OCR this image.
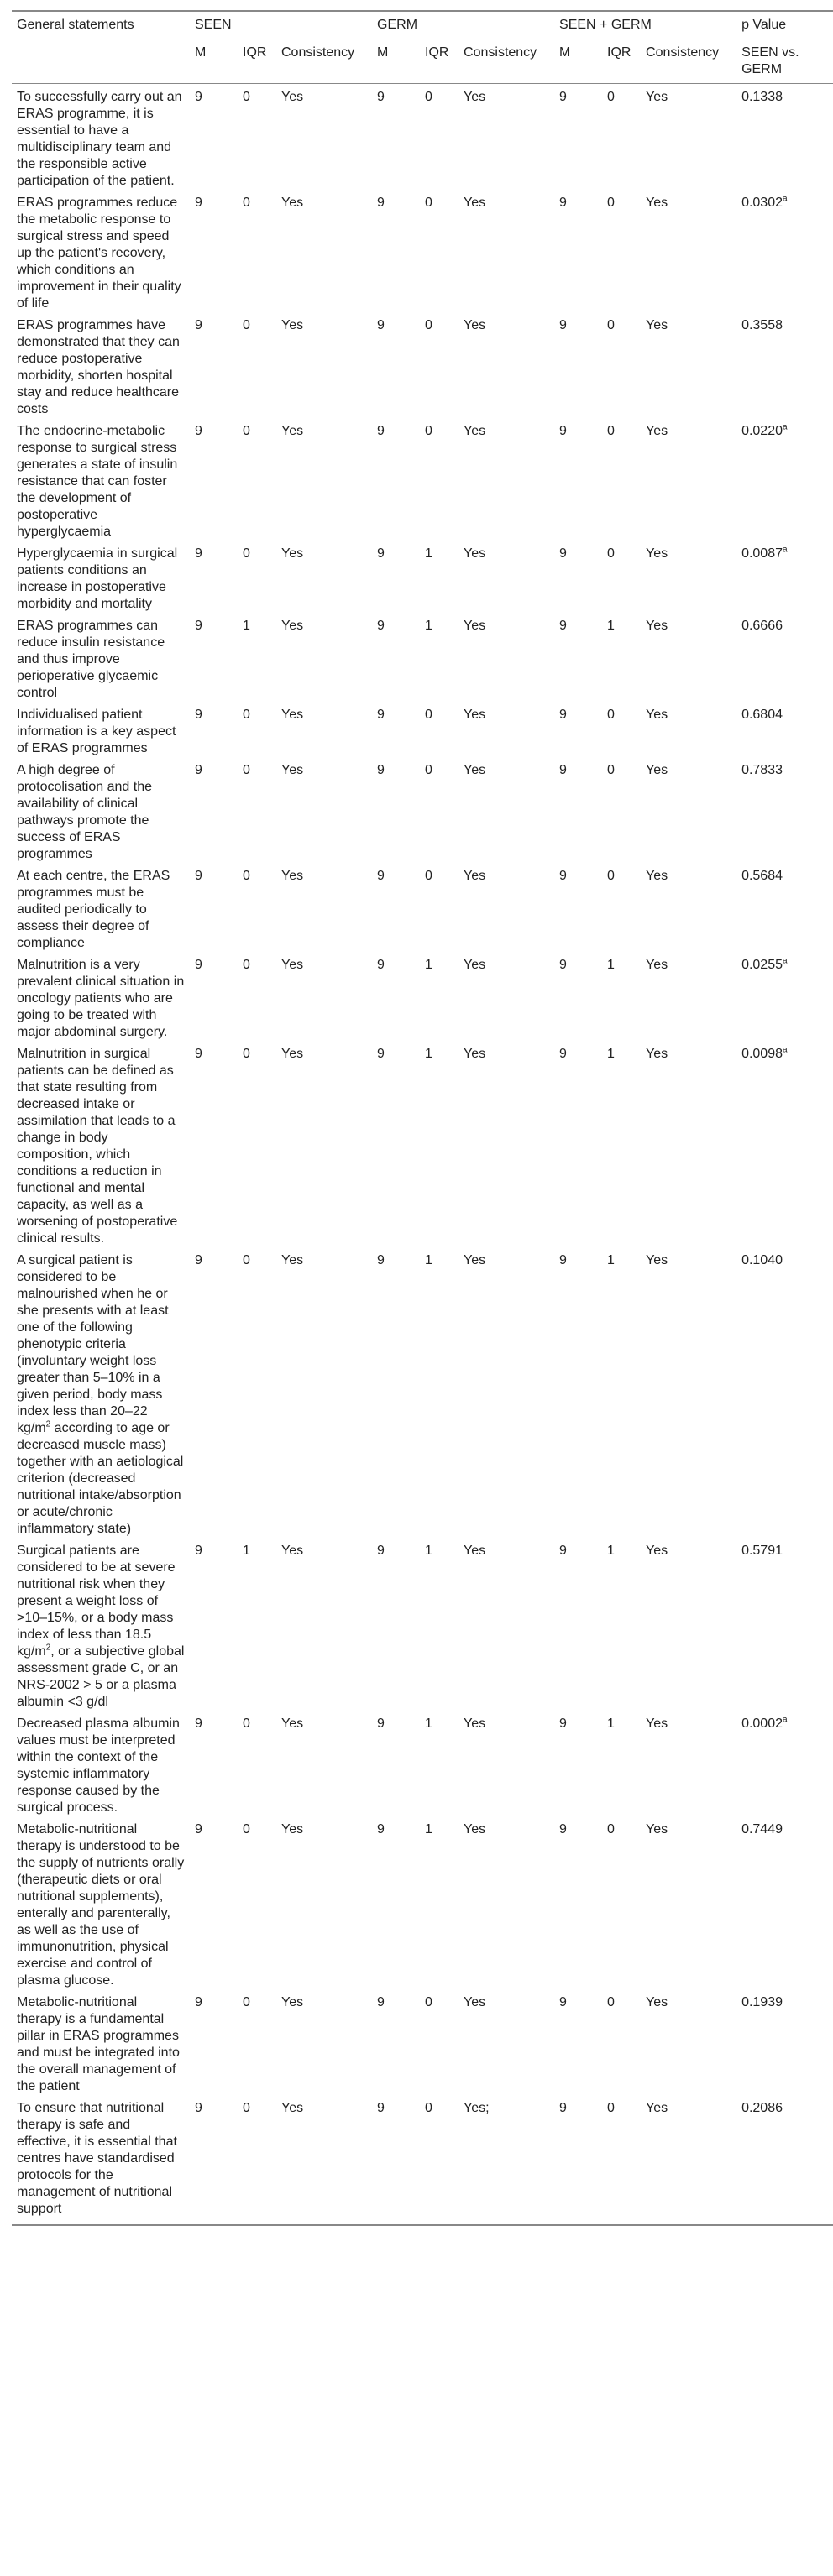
General statements	SEEN			GERM			SEEN + GERM			p Value
	M	IQR	Consistency	M	IQR	Consistency	M	IQR	Consistency	SEEN vs. GERM
To successfully carry out an ERAS programme, it is essential to have a multidisciplinary team and the responsible active participation of the patient.	9	0	Yes	9	0	Yes	9	0	Yes	0.1338
ERAS programmes reduce the metabolic response to surgical stress and speed up the patient's recovery, which conditions an improvement in their quality of life	9	0	Yes	9	0	Yes	9	0	Yes	0.0302$^a$
ERAS programmes have demonstrated that they can reduce postoperative morbidity, shorten hospital stay and reduce healthcare costs	9	0	Yes	9	0	Yes	9	0	Yes	0.3558
The endocrine-metabolic response to surgical stress generates a state of insulin resistance that can foster the development of postoperative hyperglycaemia	9	0	Yes	9	0	Yes	9	0	Yes	0.0220$^a$
Hyperglycaemia in surgical patients conditions an increase in postoperative morbidity and mortality	9	0	Yes	9	1	Yes	9	0	Yes	0.0087$^a$
ERAS programmes can reduce insulin resistance and thus improve perioperative glycaemic control	9	1	Yes	9	1	Yes	9	1	Yes	0.6666
Individualised patient information is a key aspect of ERAS programmes	9	0	Yes	9	0	Yes	9	0	Yes	0.6804
A high degree of protocolisation and the availability of clinical pathways promote the success of ERAS programmes	9	0	Yes	9	0	Yes	9	0	Yes	0.7833
At each centre, the ERAS programmes must be audited periodically to assess their degree of compliance	9	0	Yes	9	0	Yes	9	0	Yes	0.5684
Malnutrition is a very prevalent clinical situation in oncology patients who are going to be treated with major abdominal surgery.	9	0	Yes	9	1	Yes	9	1	Yes	0.0255$^a$
Malnutrition in surgical patients can be defined as that state resulting from decreased intake or assimilation that leads to a change in body composition, which conditions a reduction in functional and mental capacity, as well as a worsening of postoperative clinical results.	9	0	Yes	9	1	Yes	9	1	Yes	0.0098$^a$
A surgical patient is considered to be malnourished when he or she presents with at least one of the following phenotypic criteria (involuntary weight loss greater than 5–10% in a given period, body mass index less than 20–22 $kg/m^2$ according to age or decreased muscle mass) together with an aetiological criterion (decreased nutritional intake/absorption or acute/chronic inflammatory state)	9	0	Yes	9	1	Yes	9	1	Yes	0.1040
Surgical patients are considered to be at severe nutritional risk when they present a weight loss of >10–15%, or a body mass index of less than 18.5 $kg/m^2$, or a subjective global assessment grade C, or an NRS-2002 > 5 or a plasma albumin <3 g/dl	9	1	Yes	9	1	Yes	9	1	Yes	0.5791
Decreased plasma albumin values must be interpreted within the context of the systemic inflammatory response caused by the surgical process.	9	0	Yes	9	1	Yes	9	1	Yes	0.0002$^a$
Metabolic-nutritional therapy is understood to be the supply of nutrients orally (therapeutic diets or oral nutritional supplements), enterally and parenterally, as well as the use of immunonutrition, physical exercise and control of plasma glucose.	9	0	Yes	9	1	Yes	9	0	Yes	0.7449
Metabolic-nutritional therapy is a fundamental pillar in ERAS programmes and must be integrated into the overall management of the patient	9	0	Yes	9	0	Yes	9	0	Yes	0.1939
To ensure that nutritional therapy is safe and effective, it is essential that centres have standardised protocols for the management of nutritional support	9	0	Yes	9	0	Yes;	9	0	Yes	0.2086
